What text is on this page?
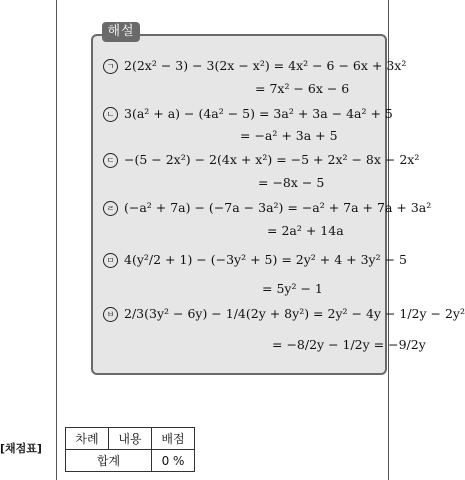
해설
ㄱ 2(2x² − 3) − 3(2x − x²) = 4x² − 6 − 6x + 3x²
= 7x² − 6x − 6
ㄴ 3(a² + a) − (4a² − 5) = 3a² + 3a − 4a² + 5
= −a² + 3a + 5
ㄷ −(5 − 2x²) − 2(4x + x²) = −5 + 2x² − 8x − 2x²
= −8x − 5
ㄹ (−a² + 7a) − (−7a − 3a²) = −a² + 7a + 7a + 3a²
= 2a² + 14a
ㅁ 4(y²/2 + 1) − (−3y² + 5) = 2y² + 4 + 3y² − 5
= 5y² − 1
ㅂ 2/3(3y² − 6y) − 1/4(2y + 8y²) = 2y² − 4y − 1/2y − 2y²
= −8/2y − 1/2y = −9/2y
[채점표]
차례	내용	배점
합계		0 %
